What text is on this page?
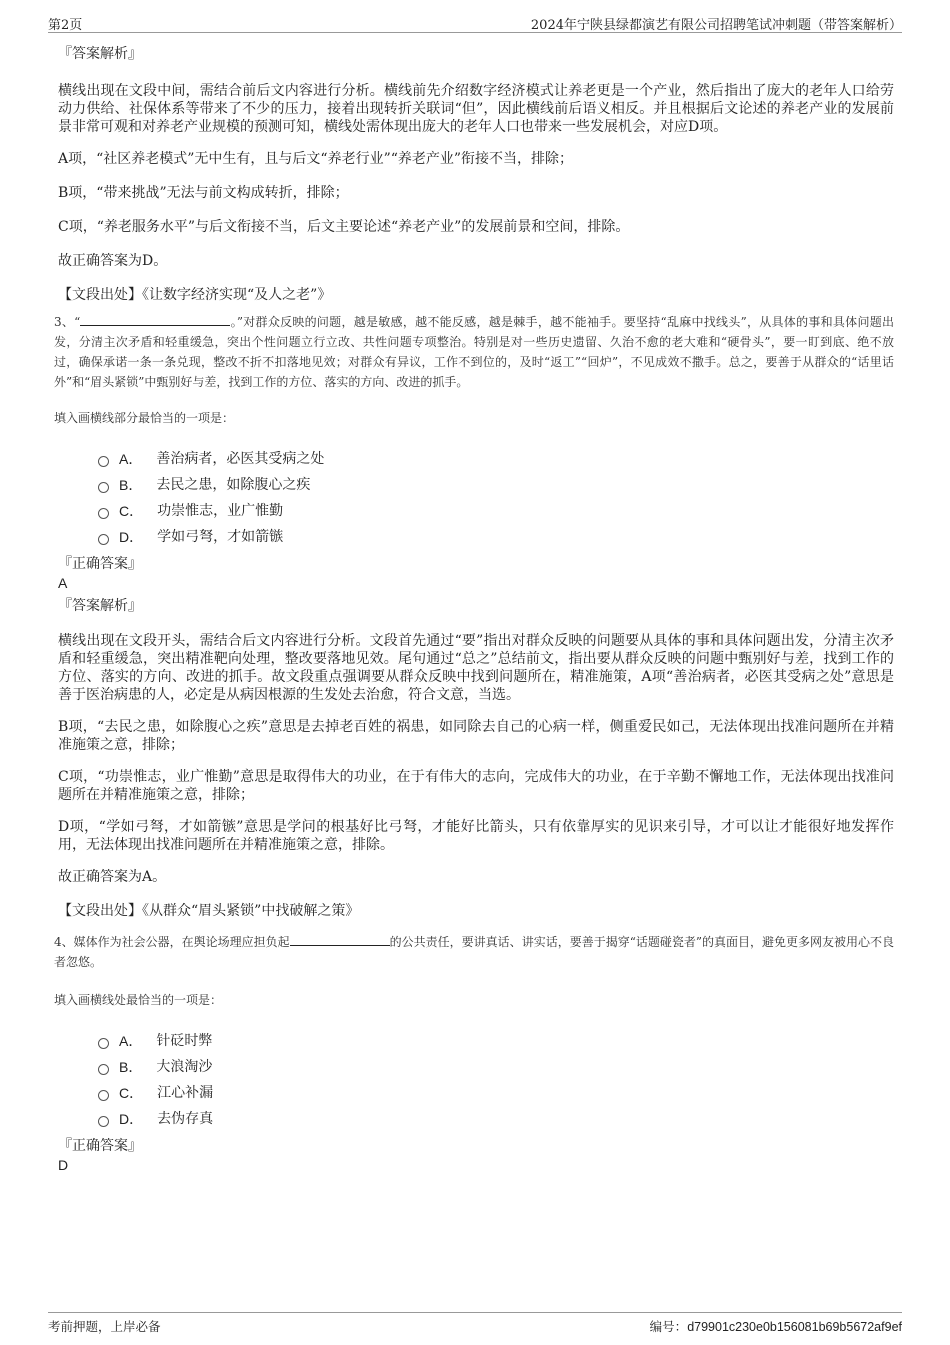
第2页	2024年宁陕县绿都演艺有限公司招聘笔试冲刺题（带答案解析）

『答案解析』

横线出现在文段中间，需结合前后文内容进行分析。横线前先介绍数字经济模式让养老更是一个产业，然后指出了庞大的老年人口给劳动力供给、社保体系等带来了不少的压力，接着出现转折关联词“但”，因此横线前后语义相反。并且根据后文论述的养老产业的发展前景非常可观和对养老产业规模的预测可知，横线处需体现出庞大的老年人口也带来一些发展机会，对应D项。

A项，“社区养老模式”无中生有，且与后文“养老行业”“养老产业”衔接不当，排除；

B项，“带来挑战”无法与前文构成转折，排除；

C项，“养老服务水平”与后文衔接不当，后文主要论述“养老产业”的发展前景和空间，排除。

故正确答案为D。

【文段出处】《让数字经济实现“及人之老”》

3、“	。”对群众反映的问题，越是敏感，越不能反感，越是棘手，越不能袖手。要坚持“乱麻中找线头”，从具体的事和具体问题出发，分清主次矛盾和轻重缓急，突出个性问题立行立改、共性问题专项整治。特别是对一些历史遗留、久治不愈的老大难和“硬骨头”，要一盯到底、绝不放过，确保承诺一条一条兑现，整改不折不扣落地见效；对群众有异议，工作不到位的，及时“返工”“回炉”，不见成效不撒手。总之，要善于从群众的“话里话外”和“眉头紧锁”中甄别好与差，找到工作的方位、落实的方向、改进的抓手。

填入画横线部分最恰当的一项是：

A． 善治病者，必医其受病之处
B． 去民之患，如除腹心之疾
C． 功崇惟志，业广惟勤
D． 学如弓弩，才如箭镞

『正确答案』

A

『答案解析』

横线出现在文段开头，需结合后文内容进行分析。文段首先通过“要”指出对群众反映的问题要从具体的事和具体问题出发，分清主次矛盾和轻重缓急，突出精准靶向处理，整改要落地见效。尾句通过“总之”总结前文，指出要从群众反映的问题中甄别好与差，找到工作的方位、落实的方向、改进的抓手。故文段重点强调要从群众反映中找到问题所在，精准施策，A项“善治病者，必医其受病之处”意思是善于医治病患的人，必定是从病因根源的生发处去治愈，符合文意，当选。

B项，“去民之患，如除腹心之疾”意思是去掉老百姓的祸患，如同除去自己的心病一样，侧重爱民如己，无法体现出找准问题所在并精准施策之意，排除；

C项，“功崇惟志，业广惟勤”意思是取得伟大的功业，在于有伟大的志向，完成伟大的功业，在于辛勤不懈地工作，无法体现出找准问题所在并精准施策之意，排除；

D项，“学如弓弩，才如箭镞”意思是学问的根基好比弓弩，才能好比箭头，只有依靠厚实的见识来引导，才可以让才能很好地发挥作用，无法体现出找准问题所在并精准施策之意，排除。

故正确答案为A。

【文段出处】《从群众“眉头紧锁”中找破解之策》

4、媒体作为社会公器，在舆论场理应担负起	的公共责任，要讲真话、讲实话，要善于揭穿“话题碰瓷者”的真面目，避免更多网友被用心不良者忽悠。

填入画横线处最恰当的一项是：

A． 针砭时弊
B． 大浪淘沙
C． 江心补漏
D． 去伪存真

『正确答案』

D

考前押题，上岸必备	编号：d79901c230e0b156081b69b5672af9ef
